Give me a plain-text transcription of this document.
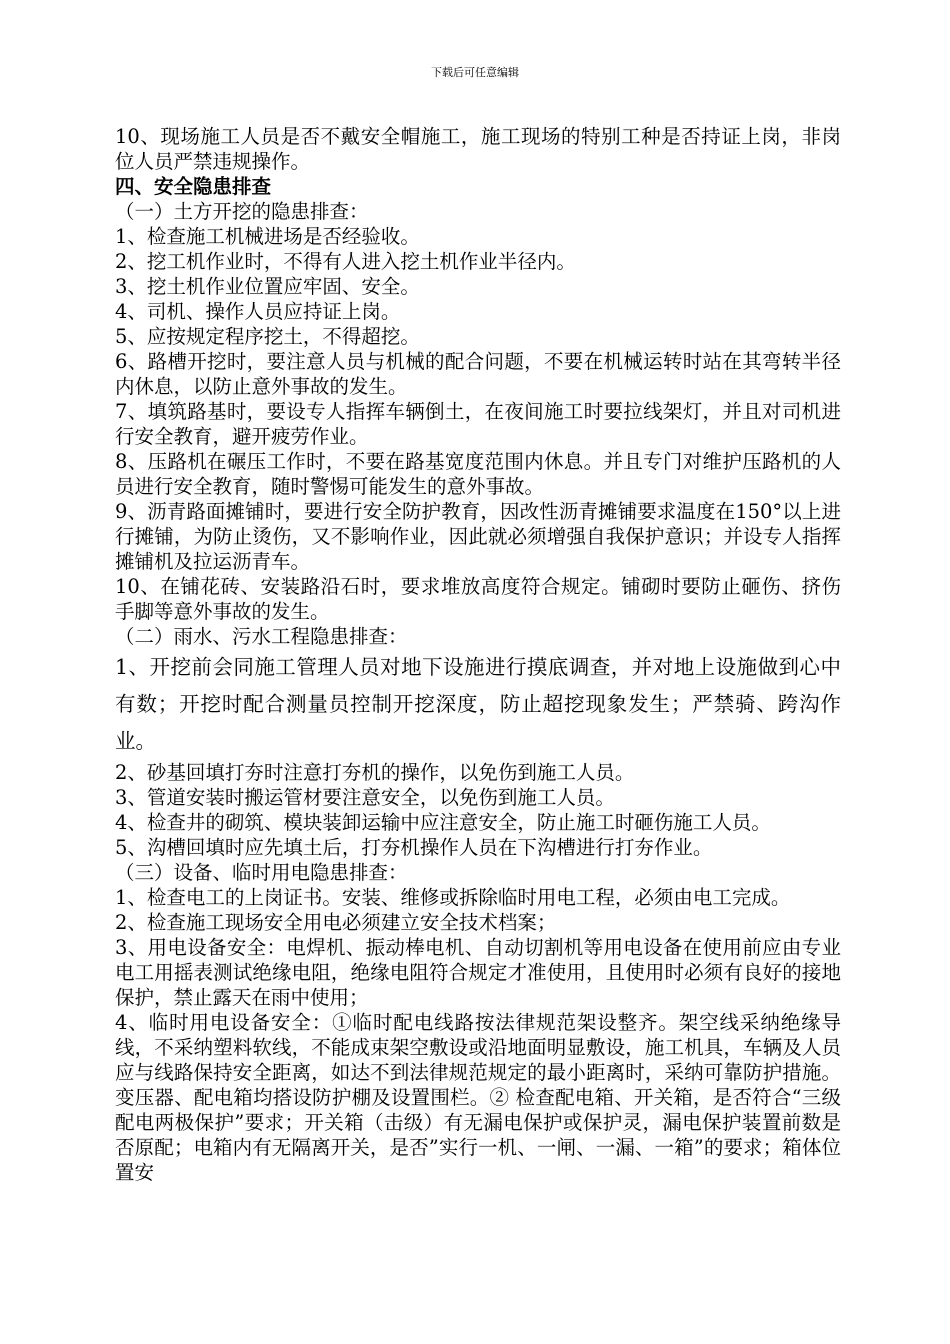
下载后可任意编辑

10、现场施工人员是否不戴安全帽施工，施工现场的特别工种是否持证上岗，非岗位人员严禁违规操作。

四、安全隐患排查

（一）土方开挖的隐患排查：

1、检查施工机械进场是否经验收。

2、挖工机作业时，不得有人进入挖土机作业半径内。

3、挖土机作业位置应牢固、安全。

4、司机、操作人员应持证上岗。

5、应按规定程序挖土，不得超挖。

6、路槽开挖时，要注意人员与机械的配合问题，不要在机械运转时站在其弯转半径内休息，以防止意外事故的发生。

7、填筑路基时，要设专人指挥车辆倒土，在夜间施工时要拉线架灯，并且对司机进行安全教育，避开疲劳作业。

8、压路机在碾压工作时，不要在路基宽度范围内休息。并且专门对维护压路机的人员进行安全教育，随时警惕可能发生的意外事故。

9、沥青路面摊铺时，要进行安全防护教育，因改性沥青摊铺要求温度在150°以上进行摊铺，为防止烫伤，又不影响作业，因此就必须增强自我保护意识；并设专人指挥摊铺机及拉运沥青车。

10、在铺花砖、安装路沿石时，要求堆放高度符合规定。铺砌时要防止砸伤、挤伤手脚等意外事故的发生。

（二）雨水、污水工程隐患排查：

1、开挖前会同施工管理人员对地下设施进行摸底调查，并对地上设施做到心中有数；开挖时配合测量员控制开挖深度，防止超挖现象发生；严禁骑、跨沟作业。

2、砂基回填打夯时注意打夯机的操作，以免伤到施工人员。

3、管道安装时搬运管材要注意安全，以免伤到施工人员。

4、检查井的砌筑、模块装卸运输中应注意安全，防止施工时砸伤施工人员。

5、沟槽回填时应先填土后，打夯机操作人员在下沟槽进行打夯作业。

（三）设备、临时用电隐患排查：

1、检查电工的上岗证书。安装、维修或拆除临时用电工程，必须由电工完成。

2、检查施工现场安全用电必须建立安全技术档案；

3、用电设备安全：电焊机、振动棒电机、自动切割机等用电设备在使用前应由专业电工用摇表测试绝缘电阻，绝缘电阻符合规定才准使用，且使用时必须有良好的接地保护，禁止露天在雨中使用；

4、临时用电设备安全：①临时配电线路按法律规范架设整齐。架空线采纳绝缘导线，不采纳塑料软线，不能成束架空敷设或沿地面明显敷设，施工机具，车辆及人员应与线路保持安全距离，如达不到法律规范规定的最小距离时，采纳可靠防护措施。变压器、配电箱均搭设防护棚及设置围栏。② 检查配电箱、开关箱，是否符合“三级配电两极保护”要求；开关箱（击级）有无漏电保护或保护灵，漏电保护装置前数是否原配；电箱内有无隔离开关，是否”实行一机、一闸、一漏、一箱”的要求；箱体位置安
